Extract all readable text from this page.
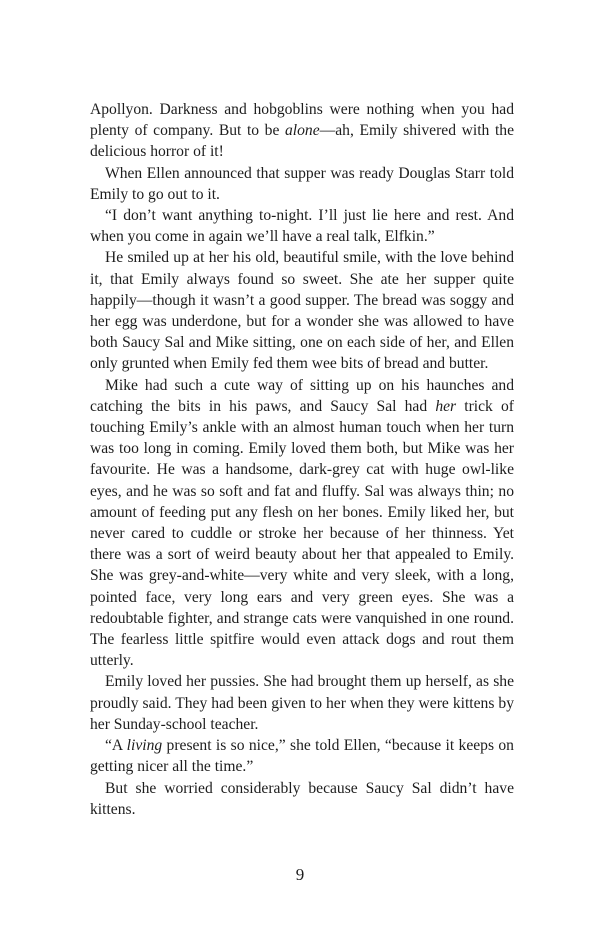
Apollyon. Darkness and hobgoblins were nothing when you had plenty of company. But to be alone—ah, Emily shivered with the delicious horror of it!

When Ellen announced that supper was ready Douglas Starr told Emily to go out to it.

“I don’t want anything to-night. I’ll just lie here and rest. And when you come in again we’ll have a real talk, Elfkin.”

He smiled up at her his old, beautiful smile, with the love behind it, that Emily always found so sweet. She ate her supper quite happily—though it wasn’t a good supper. The bread was soggy and her egg was underdone, but for a wonder she was allowed to have both Saucy Sal and Mike sitting, one on each side of her, and Ellen only grunted when Emily fed them wee bits of bread and butter.

Mike had such a cute way of sitting up on his haunches and catching the bits in his paws, and Saucy Sal had her trick of touching Emily’s ankle with an almost human touch when her turn was too long in coming. Emily loved them both, but Mike was her favourite. He was a handsome, dark-grey cat with huge owl-like eyes, and he was so soft and fat and fluffy. Sal was always thin; no amount of feeding put any flesh on her bones. Emily liked her, but never cared to cuddle or stroke her because of her thinness. Yet there was a sort of weird beauty about her that appealed to Emily. She was grey-and-white—very white and very sleek, with a long, pointed face, very long ears and very green eyes. She was a redoubtable fighter, and strange cats were vanquished in one round. The fearless little spitfire would even attack dogs and rout them utterly.

Emily loved her pussies. She had brought them up herself, as she proudly said. They had been given to her when they were kittens by her Sunday-school teacher.

“A living present is so nice,” she told Ellen, “because it keeps on getting nicer all the time.”

But she worried considerably because Saucy Sal didn’t have kittens.

9
